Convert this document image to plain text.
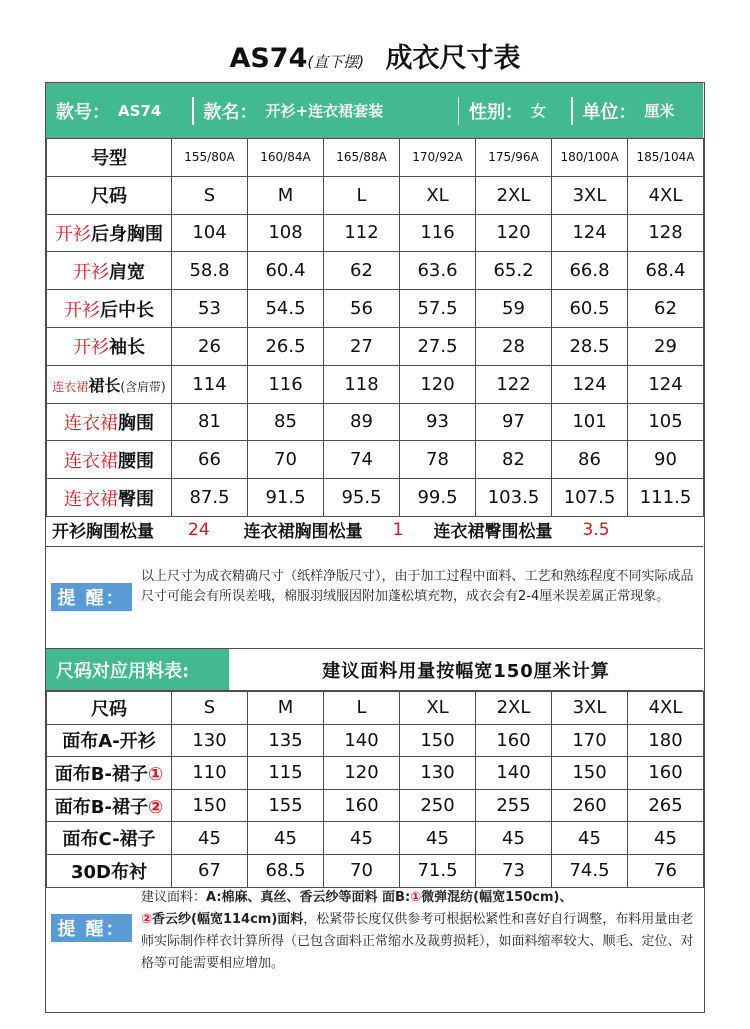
AS74(直下摆) 成衣尺寸表
款号： AS74 款名： 开衫+连衣裙套装	性别： 女 单位： 厘米
号型	155/80A	160/84A	165/88A	170/92A	175/96A	180/100A	185/104A
尺码	S	M	L	XL	2XL	3XL	4XL
开衫后身胸围	104	108	112	116	120	124	128
开衫肩宽	58.8	60.4	62	63.6	65.2	66.8	68.4
开衫后中长	53	54.5	56	57.5	59	60.5	62
开衫袖长	26	26.5	27	27.5	28	28.5	29
连衣裙裙长(含肩带)	114	116	118	120	122	124	124
连衣裙胸围	81	85	89	93	97	101	105
连衣裙腰围	66	70	74	78	82	86	90
连衣裙臀围	87.5	91.5	95.5	99.5	103.5	107.5	111.5
开衫胸围松量 24 连衣裙胸围松量 1 连衣裙臀围松量 3.5
提 醒：
以上尺寸为成衣精确尺寸（纸样净版尺寸），由于加工过程中面料、工艺和熟练程度不同实际成品尺寸可能会有所误差哦，棉服羽绒服因附加蓬松填充物，成衣会有2-4厘米误差属正常现象。
尺码对应用料表:	建议面料用量按幅宽150厘米计算
尺码	S	M	L	XL	2XL	3XL	4XL
面布A-开衫	130	135	140	150	160	170	180
面布B-裙子①	110	115	120	130	140	150	160
面布B-裙子②	150	155	160	250	255	260	265
面布C-裙子	45	45	45	45	45	45	45
30D布衬	67	68.5	70	71.5	73	74.5	76
提 醒：
建议面料：A:棉麻、真丝、香云纱等面料 面B:①微弹混纺(幅宽150cm)、
②香云纱(幅宽114cm)面料，松紧带长度仅供参考可根据松紧性和喜好自行调整，布料用量由老师实际制作样衣计算所得（已包含面料正常缩水及裁剪损耗），如面料缩率较大、顺毛、定位、对格等可能需要相应增加。
